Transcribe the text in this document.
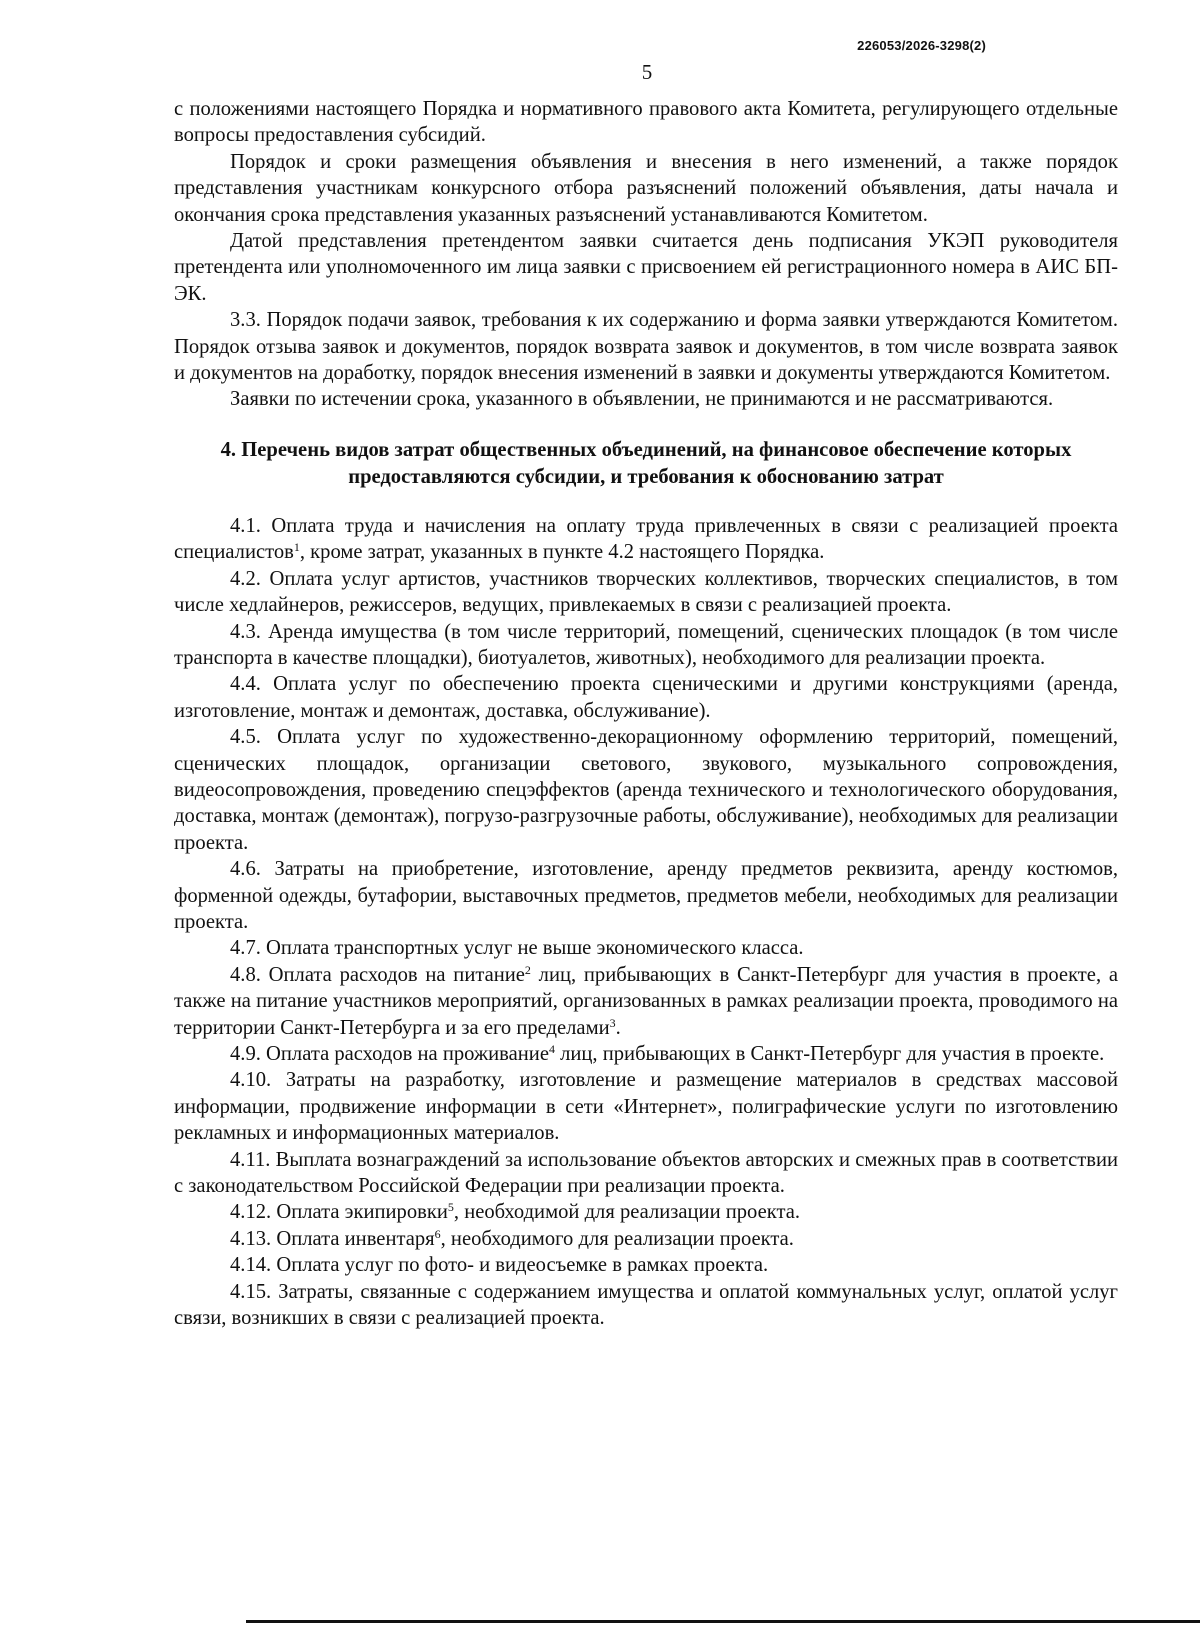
226053/2026-3298(2)
5

с положениями настоящего Порядка и нормативного правового акта Комитета, регулирующего отдельные вопросы предоставления субсидий.

Порядок и сроки размещения объявления и внесения в него изменений, а также порядок представления участникам конкурсного отбора разъяснений положений объявления, даты начала и окончания срока представления указанных разъяснений устанавливаются Комитетом.

Датой представления претендентом заявки считается день подписания УКЭП руководителя претендента или уполномоченного им лица заявки с присвоением ей регистрационного номера в АИС БП-ЭК.

3.3. Порядок подачи заявок, требования к их содержанию и форма заявки утверждаются Комитетом. Порядок отзыва заявок и документов, порядок возврата заявок и документов, в том числе возврата заявок и документов на доработку, порядок внесения изменений в заявки и документы утверждаются Комитетом.

Заявки по истечении срока, указанного в объявлении, не принимаются и не рассматриваются.

4. Перечень видов затрат общественных объединений, на финансовое обеспечение которых предоставляются субсидии, и требования к обоснованию затрат

4.1. Оплата труда и начисления на оплату труда привлеченных в связи с реализацией проекта специалистов$^1$, кроме затрат, указанных в пункте 4.2 настоящего Порядка.

4.2. Оплата услуг артистов, участников творческих коллективов, творческих специалистов, в том числе хедлайнеров, режиссеров, ведущих, привлекаемых в связи с реализацией проекта.

4.3. Аренда имущества (в том числе территорий, помещений, сценических площадок (в том числе транспорта в качестве площадки), биотуалетов, животных), необходимого для реализации проекта.

4.4. Оплата услуг по обеспечению проекта сценическими и другими конструкциями (аренда, изготовление, монтаж и демонтаж, доставка, обслуживание).

4.5. Оплата услуг по художественно-декорационному оформлению территорий, помещений, сценических площадок, организации светового, звукового, музыкального сопровождения, видеосопровождения, проведению спецэффектов (аренда технического и технологического оборудования, доставка, монтаж (демонтаж), погрузо-разгрузочные работы, обслуживание), необходимых для реализации проекта.

4.6. Затраты на приобретение, изготовление, аренду предметов реквизита, аренду костюмов, форменной одежды, бутафории, выставочных предметов, предметов мебели, необходимых для реализации проекта.

4.7. Оплата транспортных услуг не выше экономического класса.

4.8. Оплата расходов на питание$^2$ лиц, прибывающих в Санкт-Петербург для участия в проекте, а также на питание участников мероприятий, организованных в рамках реализации проекта, проводимого на территории Санкт-Петербурга и за его пределами$^3$.

4.9. Оплата расходов на проживание$^4$ лиц, прибывающих в Санкт-Петербург для участия в проекте.

4.10. Затраты на разработку, изготовление и размещение материалов в средствах массовой информации, продвижение информации в сети «Интернет», полиграфические услуги по изготовлению рекламных и информационных материалов.

4.11. Выплата вознаграждений за использование объектов авторских и смежных прав в соответствии с законодательством Российской Федерации при реализации проекта.

4.12. Оплата экипировки$^5$, необходимой для реализации проекта.

4.13. Оплата инвентаря$^6$, необходимого для реализации проекта.

4.14. Оплата услуг по фото- и видеосъемке в рамках проекта.

4.15. Затраты, связанные с содержанием имущества и оплатой коммунальных услуг, оплатой услуг связи, возникших в связи с реализацией проекта.
